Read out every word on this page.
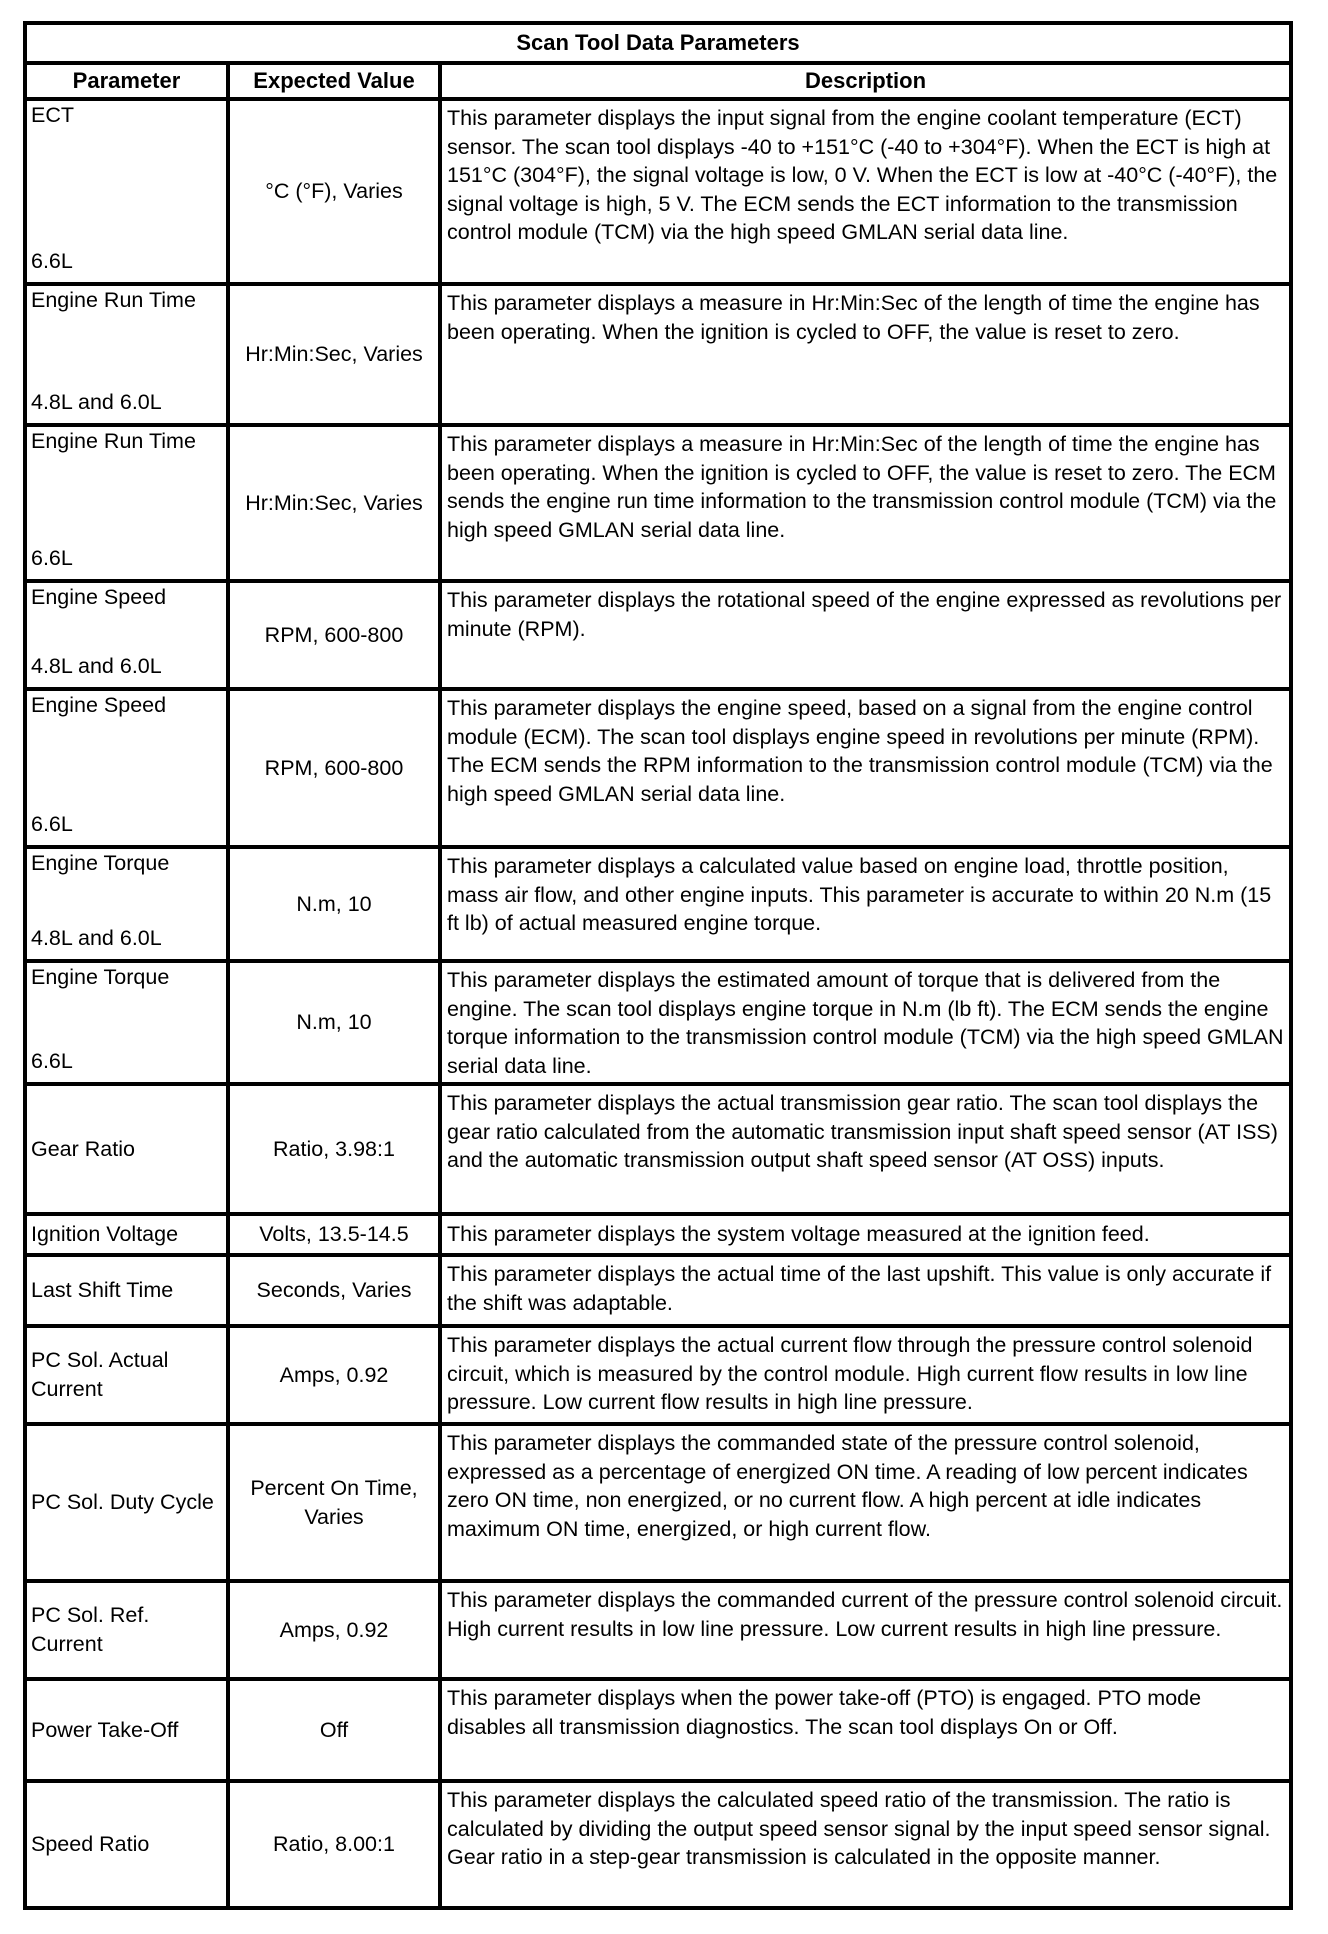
Scan Tool Data Parameters		
Parameter	Expected Value	Description

ECT
6.6L	°C (°F), Varies	This parameter displays the input signal from the engine coolant temperature (ECT) sensor. The scan tool displays -40 to +151°C (-40 to +304°F). When the ECT is high at 151°C (304°F), the signal voltage is low, 0 V. When the ECT is low at -40°C (-40°F), the signal voltage is high, 5 V. The ECM sends the ECT information to the transmission control module (TCM) via the high speed GMLAN serial data line.

Engine Run Time
4.8L and 6.0L	Hr:Min:Sec, Varies	This parameter displays a measure in Hr:Min:Sec of the length of time the engine has been operating. When the ignition is cycled to OFF, the value is reset to zero.

Engine Run Time
6.6L	Hr:Min:Sec, Varies	This parameter displays a measure in Hr:Min:Sec of the length of time the engine has been operating. When the ignition is cycled to OFF, the value is reset to zero. The ECM sends the engine run time information to the transmission control module (TCM) via the high speed GMLAN serial data line.

Engine Speed
4.8L and 6.0L	RPM, 600-800	This parameter displays the rotational speed of the engine expressed as revolutions per minute (RPM).

Engine Speed
6.6L	RPM, 600-800	This parameter displays the engine speed, based on a signal from the engine control module (ECM). The scan tool displays engine speed in revolutions per minute (RPM). The ECM sends the RPM information to the transmission control module (TCM) via the high speed GMLAN serial data line.

Engine Torque
4.8L and 6.0L	N.m, 10	This parameter displays a calculated value based on engine load, throttle position, mass air flow, and other engine inputs. This parameter is accurate to within 20 N.m (15 ft lb) of actual measured engine torque.

Engine Torque
6.6L	N.m, 10	This parameter displays the estimated amount of torque that is delivered from the engine. The scan tool displays engine torque in N.m (lb ft). The ECM sends the engine torque information to the transmission control module (TCM) via the high speed GMLAN serial data line.

Gear Ratio	Ratio, 3.98:1	This parameter displays the actual transmission gear ratio. The scan tool displays the gear ratio calculated from the automatic transmission input shaft speed sensor (AT ISS) and the automatic transmission output shaft speed sensor (AT OSS) inputs.

Ignition Voltage	Volts, 13.5-14.5	This parameter displays the system voltage measured at the ignition feed.

Last Shift Time	Seconds, Varies	This parameter displays the actual time of the last upshift. This value is only accurate if the shift was adaptable.

PC Sol. Actual Current	Amps, 0.92	This parameter displays the actual current flow through the pressure control solenoid circuit, which is measured by the control module. High current flow results in low line pressure. Low current flow results in high line pressure.

PC Sol. Duty Cycle	Percent On Time, Varies	This parameter displays the commanded state of the pressure control solenoid, expressed as a percentage of energized ON time. A reading of low percent indicates zero ON time, non energized, or no current flow. A high percent at idle indicates maximum ON time, energized, or high current flow.

PC Sol. Ref. Current	Amps, 0.92	This parameter displays the commanded current of the pressure control solenoid circuit. High current results in low line pressure. Low current results in high line pressure.

Power Take-Off	Off	This parameter displays when the power take-off (PTO) is engaged. PTO mode disables all transmission diagnostics. The scan tool displays On or Off.

Speed Ratio	Ratio, 8.00:1	This parameter displays the calculated speed ratio of the transmission. The ratio is calculated by dividing the output speed sensor signal by the input speed sensor signal. Gear ratio in a step-gear transmission is calculated in the opposite manner.
